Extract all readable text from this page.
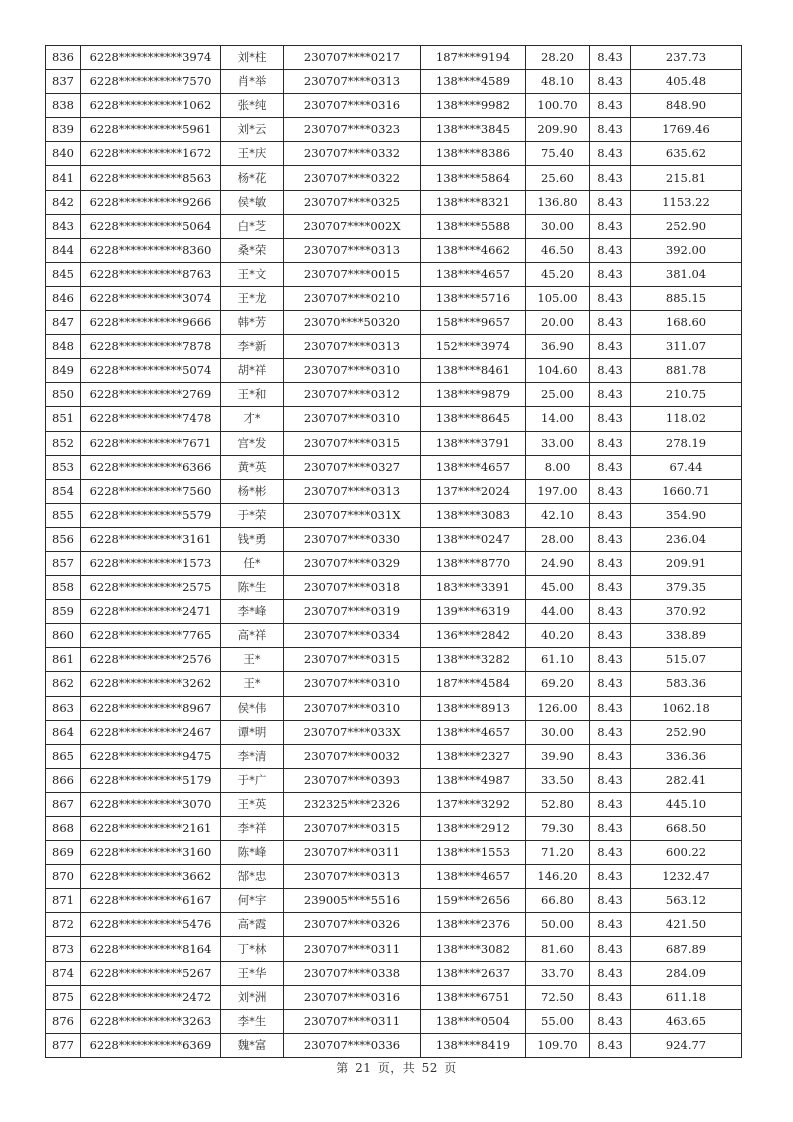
836	6228***********3974	刘*柱	230707****0217	187****9194	28.20	8.43	237.73
837	6228***********7570	肖*举	230707****0313	138****4589	48.10	8.43	405.48
838	6228***********1062	张*纯	230707****0316	138****9982	100.70	8.43	848.90
839	6228***********5961	刘*云	230707****0323	138****3845	209.90	8.43	1769.46
840	6228***********1672	王*庆	230707****0332	138****8386	75.40	8.43	635.62
841	6228***********8563	杨*花	230707****0322	138****5864	25.60	8.43	215.81
842	6228***********9266	侯*敏	230707****0325	138****8321	136.80	8.43	1153.22
843	6228***********5064	白*芝	230707****002X	138****5588	30.00	8.43	252.90
844	6228***********8360	桑*荣	230707****0313	138****4662	46.50	8.43	392.00
845	6228***********8763	王*文	230707****0015	138****4657	45.20	8.43	381.04
846	6228***********3074	王*龙	230707****0210	138****5716	105.00	8.43	885.15
847	6228***********9666	韩*芳	23070****50320	158****9657	20.00	8.43	168.60
848	6228***********7878	李*新	230707****0313	152****3974	36.90	8.43	311.07
849	6228***********5074	胡*祥	230707****0310	138****8461	104.60	8.43	881.78
850	6228***********2769	王*和	230707****0312	138****9879	25.00	8.43	210.75
851	6228***********7478	才*	230707****0310	138****8645	14.00	8.43	118.02
852	6228***********7671	宫*发	230707****0315	138****3791	33.00	8.43	278.19
853	6228***********6366	黄*英	230707****0327	138****4657	8.00	8.43	67.44
854	6228***********7560	杨*彬	230707****0313	137****2024	197.00	8.43	1660.71
855	6228***********5579	于*荣	230707****031X	138****3083	42.10	8.43	354.90
856	6228***********3161	钱*勇	230707****0330	138****0247	28.00	8.43	236.04
857	6228***********1573	任*	230707****0329	138****8770	24.90	8.43	209.91
858	6228***********2575	陈*生	230707****0318	183****3391	45.00	8.43	379.35
859	6228***********2471	李*峰	230707****0319	139****6319	44.00	8.43	370.92
860	6228***********7765	高*祥	230707****0334	136****2842	40.20	8.43	338.89
861	6228***********2576	王*	230707****0315	138****3282	61.10	8.43	515.07
862	6228***********3262	王*	230707****0310	187****4584	69.20	8.43	583.36
863	6228***********8967	侯*伟	230707****0310	138****8913	126.00	8.43	1062.18
864	6228***********2467	谭*明	230707****033X	138****4657	30.00	8.43	252.90
865	6228***********9475	李*清	230707****0032	138****2327	39.90	8.43	336.36
866	6228***********5179	于*广	230707****0393	138****4987	33.50	8.43	282.41
867	6228***********3070	王*英	232325****2326	137****3292	52.80	8.43	445.10
868	6228***********2161	李*祥	230707****0315	138****2912	79.30	8.43	668.50
869	6228***********3160	陈*峰	230707****0311	138****1553	71.20	8.43	600.22
870	6228***********3662	郜*忠	230707****0313	138****4657	146.20	8.43	1232.47
871	6228***********6167	何*宇	239005****5516	159****2656	66.80	8.43	563.12
872	6228***********5476	高*霞	230707****0326	138****2376	50.00	8.43	421.50
873	6228***********8164	丁*林	230707****0311	138****3082	81.60	8.43	687.89
874	6228***********5267	王*华	230707****0338	138****2637	33.70	8.43	284.09
875	6228***********2472	刘*洲	230707****0316	138****6751	72.50	8.43	611.18
876	6228***********3263	李*生	230707****0311	138****0504	55.00	8.43	463.65
877	6228***********6369	魏*富	230707****0336	138****8419	109.70	8.43	924.77
第 21 页，共 52 页
